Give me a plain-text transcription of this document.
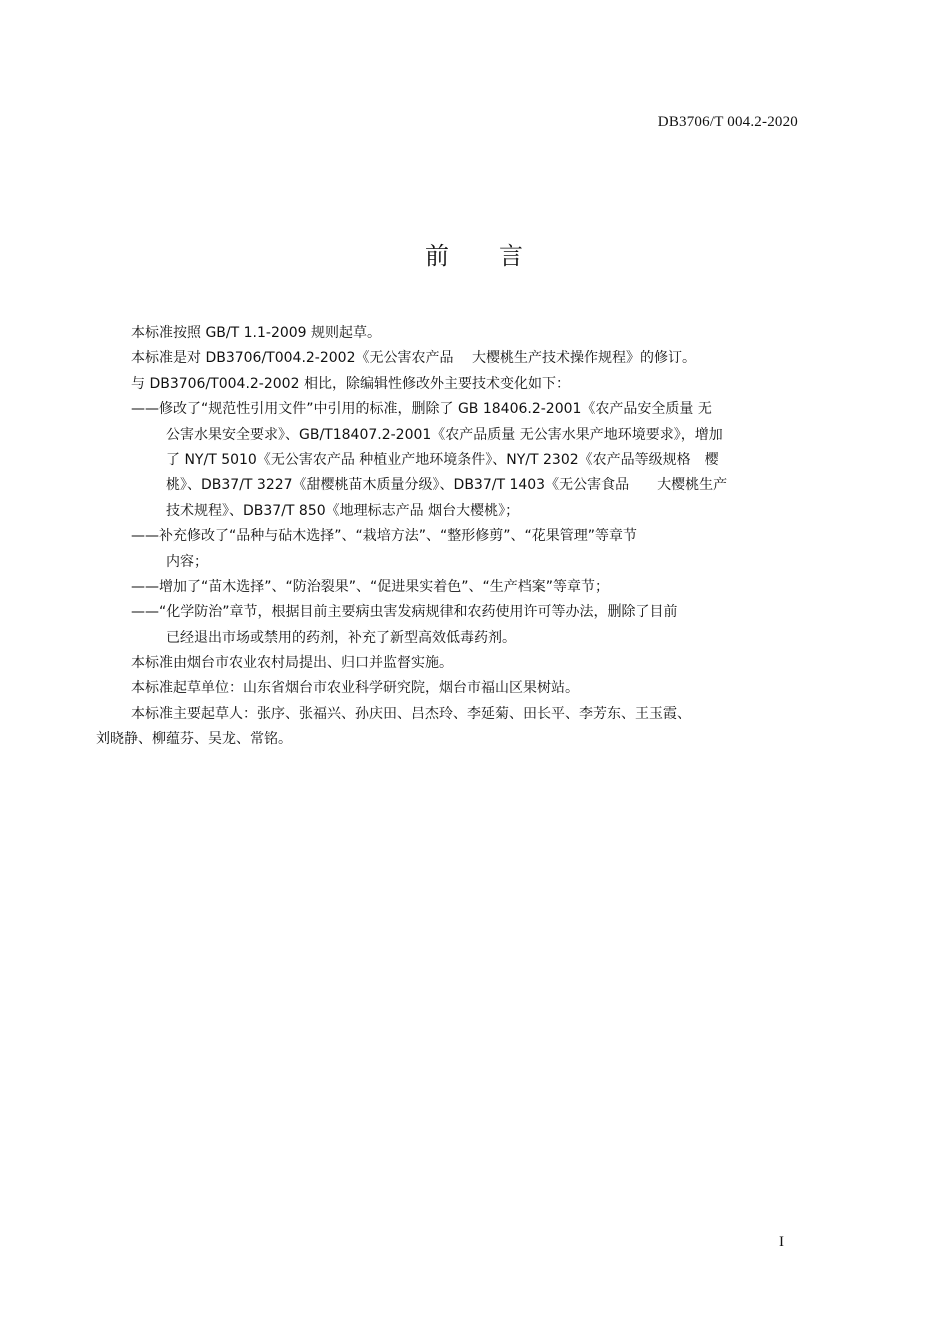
DB3706/T 004.2-2020
前 言
本标准按照 GB/T 1.1-2009 规则起草。
本标准是对 DB3706/T004.2-2002《无公害农产品　 大樱桃生产技术操作规程》的修订。
与 DB3706/T004.2-2002 相比，除编辑性修改外主要技术变化如下：
——修改了“规范性引用文件”中引用的标准，删除了 GB 18406.2-2001《农产品安全质量 无
公害水果安全要求》、GB/T18407.2-2001《农产品质量 无公害水果产地环境要求》，增加
了 NY/T 5010《无公害农产品 种植业产地环境条件》、NY/T 2302《农产品等级规格　樱
桃》、DB37/T 3227《甜樱桃苗木质量分级》、DB37/T 1403《无公害食品　　大樱桃生产
技术规程》、DB37/T 850《地理标志产品 烟台大樱桃》；
——补充修改了“品种与砧木选择”、“栽培方法”、“整形修剪”、“花果管理”等章节
内容；
——增加了“苗木选择”、“防治裂果”、“促进果实着色”、“生产档案”等章节；
——“化学防治”章节，根据目前主要病虫害发病规律和农药使用许可等办法，删除了目前
已经退出市场或禁用的药剂，补充了新型高效低毒药剂。
本标准由烟台市农业农村局提出、归口并监督实施。
本标准起草单位：山东省烟台市农业科学研究院，烟台市福山区果树站。
本标准主要起草人：张序、张福兴、孙庆田、吕杰玲、李延菊、田长平、李芳东、王玉霞、
刘晓静、柳蕴芬、吴龙、常铭。
I
